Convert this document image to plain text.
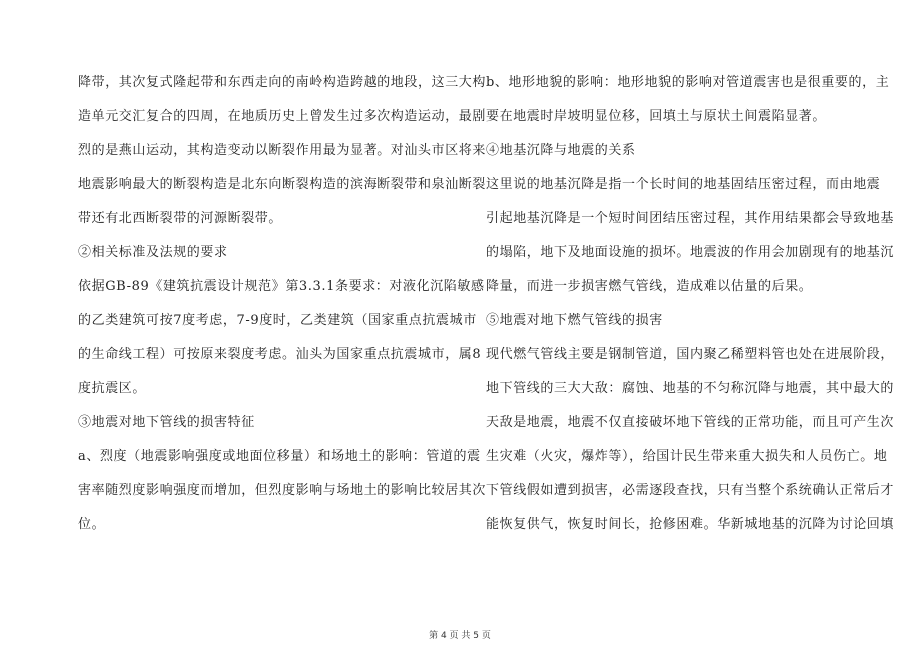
降带，其次复式隆起带和东西走向的南岭构造跨越的地段，这三大构
造单元交汇复合的四周，在地质历史上曾发生过多次构造运动，最剧
烈的是燕山运动，其构造变动以断裂作用最为显著。对汕头市区将来
地震影响最大的断裂构造是北东向断裂构造的滨海断裂带和泉汕断裂
带还有北西断裂带的河源断裂带。
②相关标准及法规的要求
依据GB-89《建筑抗震设计规范》第3.3.1条要求：对液化沉陷敏感
的乙类建筑可按7度考虑，7-9度时，乙类建筑（国家重点抗震城市
的生命线工程）可按原来裂度考虑。汕头为国家重点抗震城市，属8
度抗震区。
③地震对地下管线的损害特征
a、烈度（地震影响强度或地面位移量）和场地土的影响：管道的震
害率随烈度影响强度而增加，但烈度影响与场地土的影响比较居其次
位。
b、地形地貌的影响：地形地貌的影响对管道震害也是很重要的，主
要在地震时岸坡明显位移，回填土与原状土间震陷显著。
④地基沉降与地震的关系
这里说的地基沉降是指一个长时间的地基固结压密过程，而由地震
引起地基沉降是一个短时间团结压密过程，其作用结果都会导致地基
的塌陷，地下及地面设施的损坏。地震波的作用会加剧现有的地基沉
降量，而进一步损害燃气管线，造成难以估量的后果。
⑤地震对地下燃气管线的损害
现代燃气管线主要是钢制管道，国内聚乙稀塑料管也处在进展阶段，
地下管线的三大大敌：腐蚀、地基的不匀称沉降与地震，其中最大的
天敌是地震，地震不仅直接破坏地下管线的正常功能，而且可产生次
生灾难（火灾，爆炸等），给国计民生带来重大损失和人员伤亡。地
下管线假如遭到损害，必需逐段查找，只有当整个系统确认正常后才
能恢复供气，恢复时间长，抢修困难。华新城地基的沉降为讨论回填
第 4 页 共 5 页
